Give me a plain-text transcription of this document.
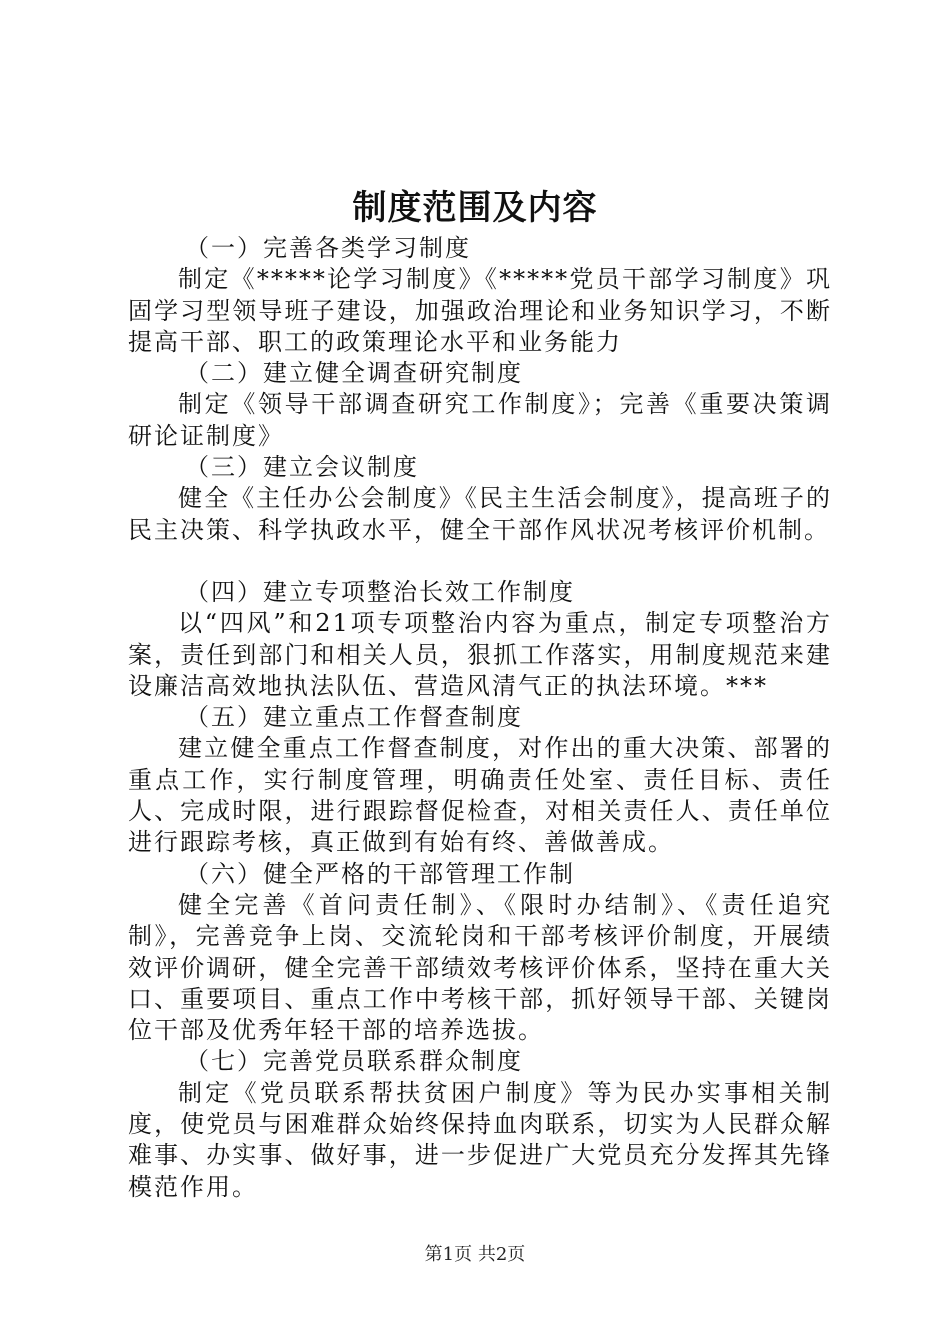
制度范围及内容

（一）完善各类学习制度

制定《*****论学习制度》《*****党员干部学习制度》巩固学习型领导班子建设，加强政治理论和业务知识学习，不断提高干部、职工的政策理论水平和业务能力

（二）建立健全调查研究制度

制定《领导干部调查研究工作制度》；完善《重要决策调研论证制度》

（三）建立会议制度

健全《主任办公会制度》《民主生活会制度》，提高班子的民主决策、科学执政水平，健全干部作风状况考核评价机制。

（四）建立专项整治长效工作制度

以“四风”和21项专项整治内容为重点，制定专项整治方案，责任到部门和相关人员，狠抓工作落实，用制度规范来建设廉洁高效地执法队伍、营造风清气正的执法环境。***

（五）建立重点工作督查制度

建立健全重点工作督查制度，对作出的重大决策、部署的重点工作，实行制度管理，明确责任处室、责任目标、责任人、完成时限，进行跟踪督促检查，对相关责任人、责任单位进行跟踪考核，真正做到有始有终、善做善成。

（六）健全严格的干部管理工作制

健全完善《首问责任制》、《限时办结制》、《责任追究制》，完善竞争上岗、交流轮岗和干部考核评价制度，开展绩效评价调研，健全完善干部绩效考核评价体系，坚持在重大关口、重要项目、重点工作中考核干部，抓好领导干部、关键岗位干部及优秀年轻干部的培养选拔。

（七）完善党员联系群众制度

制定《党员联系帮扶贫困户制度》等为民办实事相关制度，使党员与困难群众始终保持血肉联系，切实为人民群众解难事、办实事、做好事，进一步促进广大党员充分发挥其先锋模范作用。

第1页 共2页
